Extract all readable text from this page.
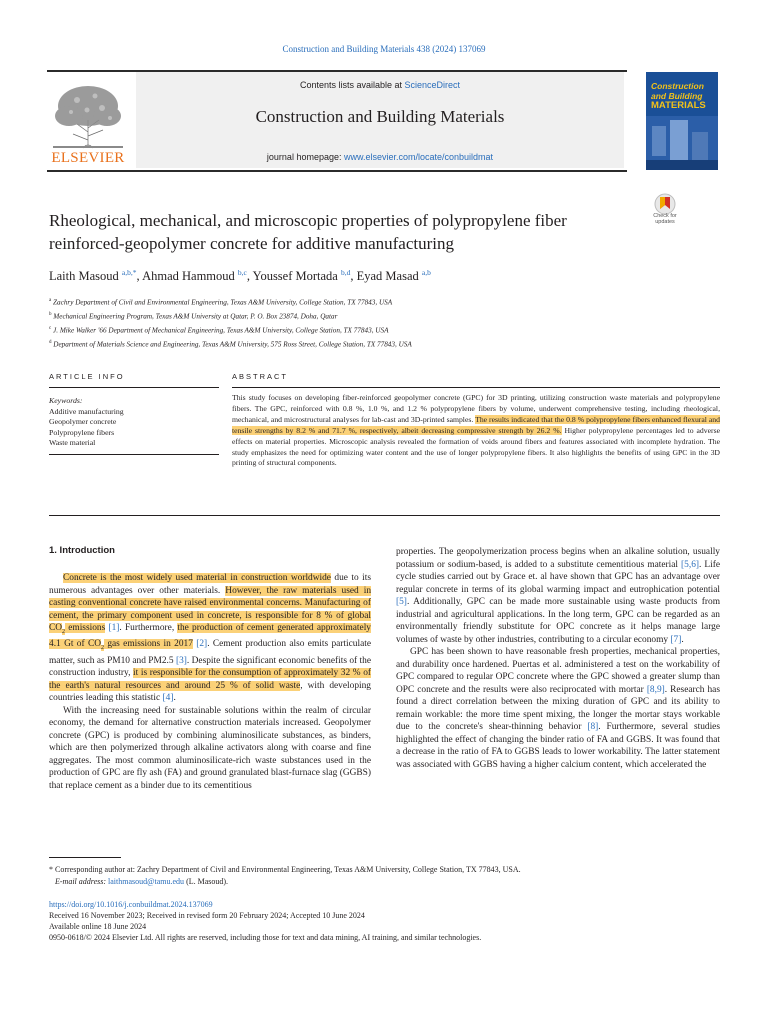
Construction and Building Materials 438 (2024) 137069
ELSEVIER
Contents lists available at ScienceDirect
Construction and Building Materials
journal homepage: www.elsevier.com/locate/conbuildmat
Construction
and Building
MATERIALS
Check for updates
Rheological, mechanical, and microscopic properties of polypropylene fiber reinforced-geopolymer concrete for additive manufacturing
Laith Masoud $^{a,b,*}$, Ahmad Hammoud $^{b,c}$, Youssef Mortada $^{b,d}$, Eyad Masad $^{a,b}$
$^a$ Zachry Department of Civil and Environmental Engineering, Texas A&M University, College Station, TX 77843, USA
$^b$ Mechanical Engineering Program, Texas A&M University at Qatar, P. O. Box 23874, Doha, Qatar
$^c$ J. Mike Walker '66 Department of Mechanical Engineering, Texas A&M University, College Station, TX 77843, USA
$^d$ Department of Materials Science and Engineering, Texas A&M University, 575 Ross Street, College Station, TX 77843, USA
ARTICLE INFO	ABSTRACT
Keywords:
Additive manufacturing
Geopolymer concrete
Polypropylene fibers
Waste material
This study focuses on developing fiber-reinforced geopolymer concrete (GPC) for 3D printing, utilizing construction waste materials and polypropylene fibers. The GPC, reinforced with 0.8 %, 1.0 %, and 1.2 % polypropylene fibers by volume, underwent comprehensive testing, including rheological, mechanical, and microstructural analyses for lab-cast and 3D-printed samples. The results indicated that the 0.8 % polypropylene fibers enhanced flexural and tensile strengths by 8.2 % and 71.7 %, respectively, albeit decreasing compressive strength by 26.2 %. Higher polypropylene percentages led to adverse effects on material properties. Microscopic analysis revealed the formation of voids around fibers and features associated with incomplete hydration. The study emphasizes the need for optimizing water content and the use of longer polypropylene fibers. It also highlights the benefits of using GPC in the 3D printing of structural components.
1. Introduction

Concrete is the most widely used material in construction worldwide due to its numerous advantages over other materials. However, the raw materials used in casting conventional concrete have raised environmental concerns. Manufacturing of cement, the primary component used in concrete, is responsible for 8 % of global $CO_2$ emissions [1]. Furthermore, the production of cement generated approximately 4.1 Gt of $CO_2$ gas emissions in 2017 [2]. Cement production also emits particulate matter, such as PM10 and PM2.5 [3]. Despite the significant economic benefits of the construction industry, it is responsible for the consumption of approximately 32 % of the earth's natural resources and around 25 % of solid waste, with developing countries leading this statistic [4].

With the increasing need for sustainable solutions within the realm of circular economy, the demand for alternative construction materials increased. Geopolymer concrete (GPC) is produced by combining aluminosilicate substances, as binders, which are then polymerized through alkaline activators along with coarse and fine aggregates. The most common aluminosilicate-rich waste substances used in the production of GPC are fly ash (FA) and ground granulated blast-furnace slag (GGBS) that replace cement as a binder due to its cementitious

properties. The geopolymerization process begins when an alkaline solution, usually potassium or sodium-based, is added to a substitute cementitious material [5,6]. Life cycle studies carried out by Grace et. al have shown that GPC has an advantage over regular concrete in terms of its global warming impact and eutrophication potential [5]. Additionally, GPC can be made more sustainable using waste products from industrial and agricultural applications. In the long term, GPC can be regarded as an environmentally friendly substitute for OPC concrete as it helps manage large volumes of waste by other industries, contributing to a circular economy [7].

GPC has been shown to have reasonable fresh properties, mechanical properties, and durability once hardened. Puertas et al. administered a test on the workability of GPC compared to regular OPC concrete where the GPC showed a greater slump than OPC concrete and the results were also reciprocated with mortar [8,9]. Research has found a direct correlation between the mixing duration of GPC and its ability to remain workable: the more time spent mixing, the longer the mortar stays workable due to the concrete's shear-thinning behavior [8]. Furthermore, several studies highlighted the effect of changing the binder ratio of FA and GGBS. It was found that a decrease in the ratio of FA to GGBS leads to lower workability. The latter statement was associated with GGBS having a higher calcium content, which accelerated the

* Corresponding author at: Zachry Department of Civil and Environmental Engineering, Texas A&M University, College Station, TX 77843, USA.
E-mail address: laithmasoud@tamu.edu (L. Masoud).
https://doi.org/10.1016/j.conbuildmat.2024.137069
Received 16 November 2023; Received in revised form 20 February 2024; Accepted 10 June 2024
Available online 18 June 2024
0950-0618/© 2024 Elsevier Ltd. All rights are reserved, including those for text and data mining, AI training, and similar technologies.
